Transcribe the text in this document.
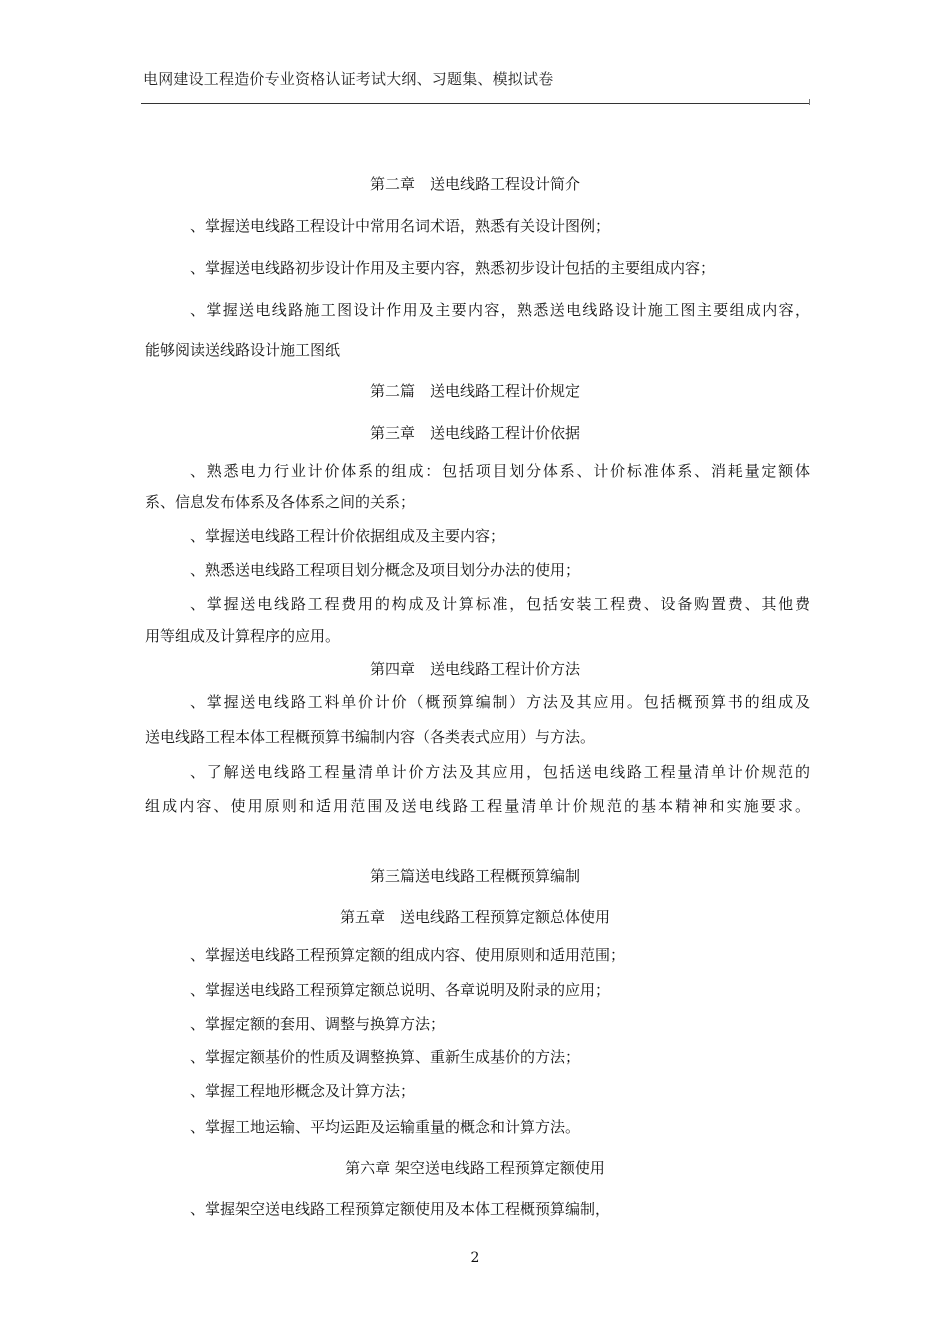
电网建设工程造价专业资格认证考试大纲、习题集、模拟试卷
第二章　送电线路工程设计简介
、掌握送电线路工程设计中常用名词术语，熟悉有关设计图例；
、掌握送电线路初步设计作用及主要内容，熟悉初步设计包括的主要组成内容；
、掌握送电线路施工图设计作用及主要内容，熟悉送电线路设计施工图主要组成内容，
能够阅读送线路设计施工图纸
第二篇　送电线路工程计价规定
第三章　送电线路工程计价依据
、熟悉电力行业计价体系的组成：包括项目划分体系、计价标准体系、消耗量定额体
系、信息发布体系及各体系之间的关系；
、掌握送电线路工程计价依据组成及主要内容；
、熟悉送电线路工程项目划分概念及项目划分办法的使用；
、掌握送电线路工程费用的构成及计算标准，包括安装工程费、设备购置费、其他费
用等组成及计算程序的应用。
第四章　送电线路工程计价方法
、掌握送电线路工料单价计价（概预算编制）方法及其应用。包括概预算书的组成及
送电线路工程本体工程概预算书编制内容（各类表式应用）与方法。
、了解送电线路工程量清单计价方法及其应用，包括送电线路工程量清单计价规范的
组成内容、使用原则和适用范围及送电线路工程量清单计价规范的基本精神和实施要求。
第三篇送电线路工程概预算编制
第五章　送电线路工程预算定额总体使用
、掌握送电线路工程预算定额的组成内容、使用原则和适用范围；
、掌握送电线路工程预算定额总说明、各章说明及附录的应用；
、掌握定额的套用、调整与换算方法；
、掌握定额基价的性质及调整换算、重新生成基价的方法；
、掌握工程地形概念及计算方法；
、掌握工地运输、平均运距及运输重量的概念和计算方法。
第六章 架空送电线路工程预算定额使用
、掌握架空送电线路工程预算定额使用及本体工程概预算编制，
2
